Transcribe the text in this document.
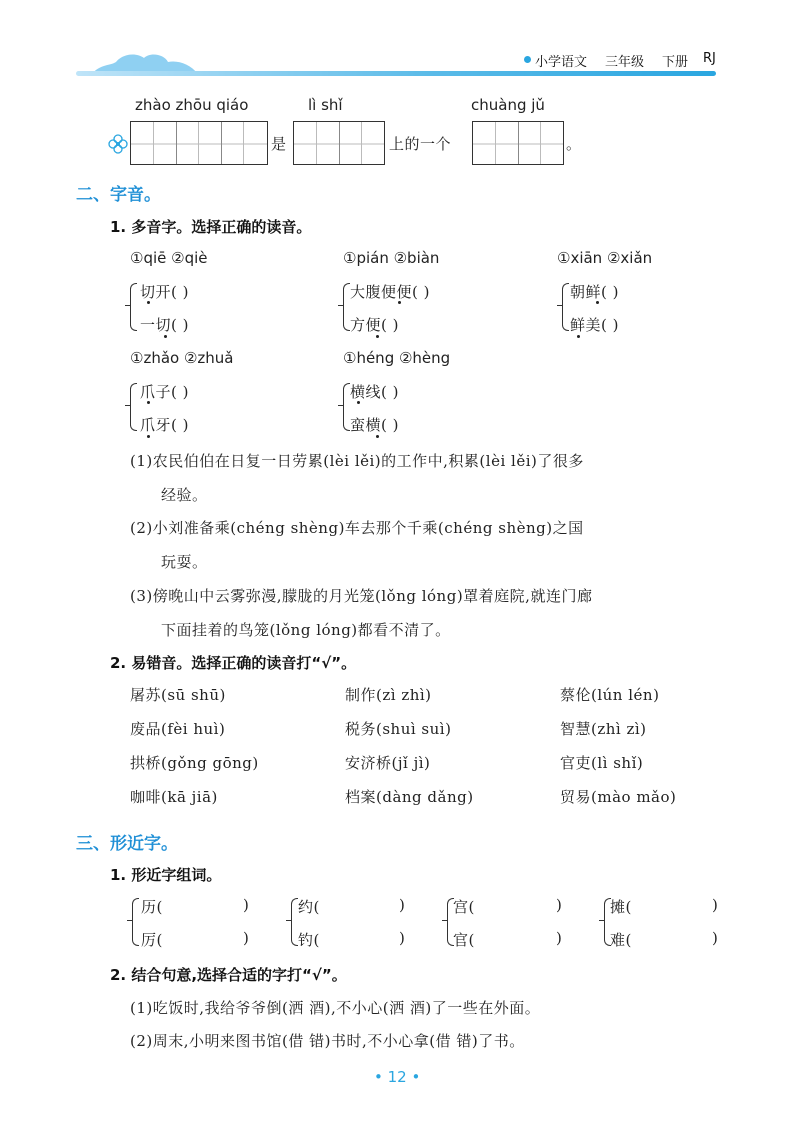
小学语文 三年级 下册 RJ
zhào zhōu qiáo	lì shǐ	chuàng jǔ
是	上的一个	。
二、字音。
1. 多音字。选择正确的读音。
①qiē ②qiè
切开( )
一切( )
①pián ②biàn
大腹便便( )
方便( )
①xiān ②xiǎn
朝鲜( )
鲜美( )
①zhǎo ②zhuǎ
爪子( )
爪牙( )
①héng ②hèng
横线( )
蛮横( )
(1)农民伯伯在日复一日劳累(lèi lěi)的工作中,积累(lèi lěi)了很多
经验。
(2)小刘准备乘(chéng shèng)车去那个千乘(chéng shèng)之国
玩耍。
(3)傍晚山中云雾弥漫,朦胧的月光笼(lǒng lóng)罩着庭院,就连门廊
下面挂着的鸟笼(lǒng lóng)都看不清了。
2. 易错音。选择正确的读音打“√”。
屠苏(sū shū)	制作(zì zhì)	蔡伦(lún lén)
废品(fèi huì)	税务(shuì suì)	智慧(zhì zì)
拱桥(gǒng gōng)	安济桥(jǐ jì)	官吏(lì shǐ)
咖啡(kā jiā)	档案(dàng dǎng)	贸易(mào mǎo)
三、形近字。
1. 形近字组词。
历(	)
厉(	)
约(	)
钓(	)
宫(	)
官(	)
摊(	)
难(	)
2. 结合句意,选择合适的字打“√”。
(1)吃饭时,我给爷爷倒(洒 酒),不小心(洒 酒)了一些在外面。
(2)周末,小明来图书馆(借 错)书时,不小心拿(借 错)了书。
• 12 •
